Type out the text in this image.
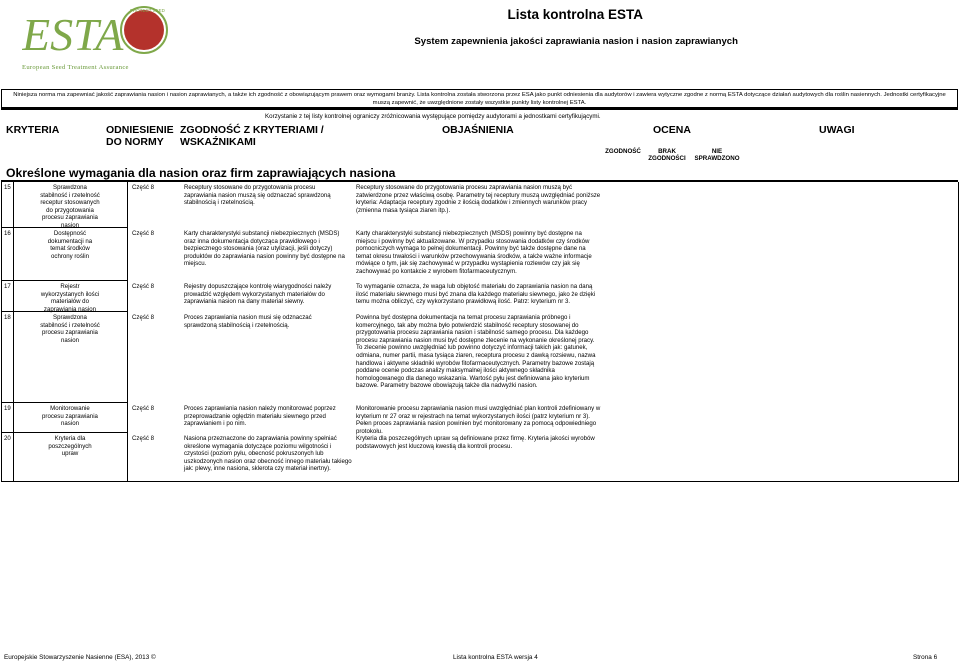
ESTA PROTECT SEED
European Seed Treatment Assurance
Lista kontrolna ESTA
System zapewnienia jakości zaprawiania nasion i nasion zaprawianych
Niniejsza norma ma zapewniać jakość zaprawiania nasion i nasion zaprawianych, a także ich zgodność z obowiązującym prawem oraz wymogami branży. Lista kontrolna została stworzona przez ESA jako punkt odniesienia dla audytorów i zawiera wytyczne zgodne z normą ESTA dotyczące działań audytowych dla roślin nasiennych. Jednostki certyfikacyjne muszą zapewnić, że uwzględnione zostały wszystkie punkty listy kontrolnej ESTA.
Korzystanie z tej listy kontrolnej ograniczy zróżnicowania występujące pomiędzy audytorami a jednostkami certyfikującymi.
KRYTERIA	ODNIESIENIE
DO NORMY
ZGODNOŚĆ Z KRYTERIAMI /
WSKAŹNIKAMI
OBJAŚNIENIA	OCENA	UWAGI
ZGODNOŚĆ	BRAK
ZGODNOŚCI
NIE
SPRAWDZONO
Określone wymagania dla nasion oraz firm zaprawiających nasiona
15	Sprawdzona stabilność i rzetelność receptur stosowanych do przygotowania procesu zaprawiania nasion
Część 8	Receptury stosowane do przygotowania procesu zaprawiania nasion muszą się odznaczać sprawdzoną stabilnością i rzetelnością.
Receptury stosowane do przygotowania procesu zaprawiania nasion muszą być zatwierdzone przez właściwą osobę. Parametry tej receptury muszą uwzględniać poniższe kryteria: Adaptacja receptury zgodnie z ilością dodatków i zmiennych warunków pracy (zmienna masa tysiąca ziaren itp.).
16	Dostępność dokumentacji na temat środków ochrony roślin
Część 8	Karty charakterystyki substancji niebezpiecznych (MSDS) oraz inna dokumentacja dotycząca prawidłowego i bezpiecznego stosowania (oraz utylizacji, jeśli dotyczy) produktów do zaprawiania nasion powinny być dostępne na miejscu.
Karty charakterystyki substancji niebezpiecznych (MSDS) powinny być dostępne na miejscu i powinny być aktualizowane. W przypadku stosowania dodatków czy środków pomocniczych wymaga to pełnej dokumentacji. Powinny być także dostępne dane na temat okresu trwałości i warunków przechowywania środków, a także ważne informacje mówiące o tym, jak się zachowywać w przypadku wystąpienia rozlewów czy jak się zachowywać po kontakcie z wyrobem fitofarmaceutycznym.
17	Rejestr wykorzystanych ilości materiałów do zaprawiania nasion
Część 8	Rejestry dopuszczające kontrolę wiarygodności należy prowadzić względem wykorzystanych materiałów do zaprawiania nasion na dany materiał siewny.
To wymaganie oznacza, że waga lub objętość materiału do zaprawiania nasion na daną ilość materiału siewnego musi być znana dla każdego materiału siewnego, jako że dzięki temu można obliczyć, czy wykorzystano prawidłową ilość. Patrz: kryterium nr 3.
18	Sprawdzona stabilność i rzetelność procesu zaprawiania nasion
Część 8	Proces zaprawiania nasion musi się odznaczać sprawdzoną stabilnością i rzetelnością.
Powinna być dostępna dokumentacja na temat procesu zaprawiania próbnego i komercyjnego, tak aby można było potwierdzić stabilność receptury stosowanej do przygotowania procesu zaprawiania nasion i stabilność samego procesu. Dla każdego procesu zaprawiania nasion musi być dostępne zlecenie na wykonanie określonej pracy. To zlecenie powinno uwzględniać lub powinno dotyczyć informacji takich jak: gatunek, odmiana, numer partii, masa tysiąca ziaren, receptura procesu z dawką rozsiewu, nazwa handlowa i aktywne składniki wyrobów fitofarmaceutycznych. Parametry bazowe zostają poddane ocenie podczas analizy maksymalnej ilości aktywnego składnika homologowanego dla danego wskazania. Wartość pyłu jest definiowana jako kryterium bazowe. Parametry bazowe obowiązują także dla nadwyżki nasion.
19	Monitorowanie procesu zaprawiania nasion
Część 8	Proces zaprawiania nasion należy monitorować poprzez przeprowadzanie oględzin materiału siewnego przed zaprawianiem i po nim.
Monitorowanie procesu zaprawiania nasion musi uwzględniać plan kontroli zdefiniowany w kryterium nr 27 oraz w rejestrach na temat wykorzystanych ilości (patrz kryterium nr 3). Pełen proces zaprawiania nasion powinien być monitorowany za pomocą odpowiedniego protokołu.
20	Kryteria dla poszczególnych upraw
Część 8	Nasiona przeznaczone do zaprawiania powinny spełniać określone wymagania dotyczące poziomu wilgotności i czystości (poziom pyłu, obecność pokruszonych lub uszkodzonych nasion oraz obecność innego materiału takiego jak: plewy, inne nasiona, sklerota czy materiał inertny).
Kryteria dla poszczególnych upraw są definiowane przez firmę. Kryteria jakości wyrobów podstawowych jest kluczową kwestią dla kontroli procesu.
Europejskie Stowarzyszenie Nasienne (ESA), 2013 ©	Lista kontrolna ESTA wersja 4	Strona 6
